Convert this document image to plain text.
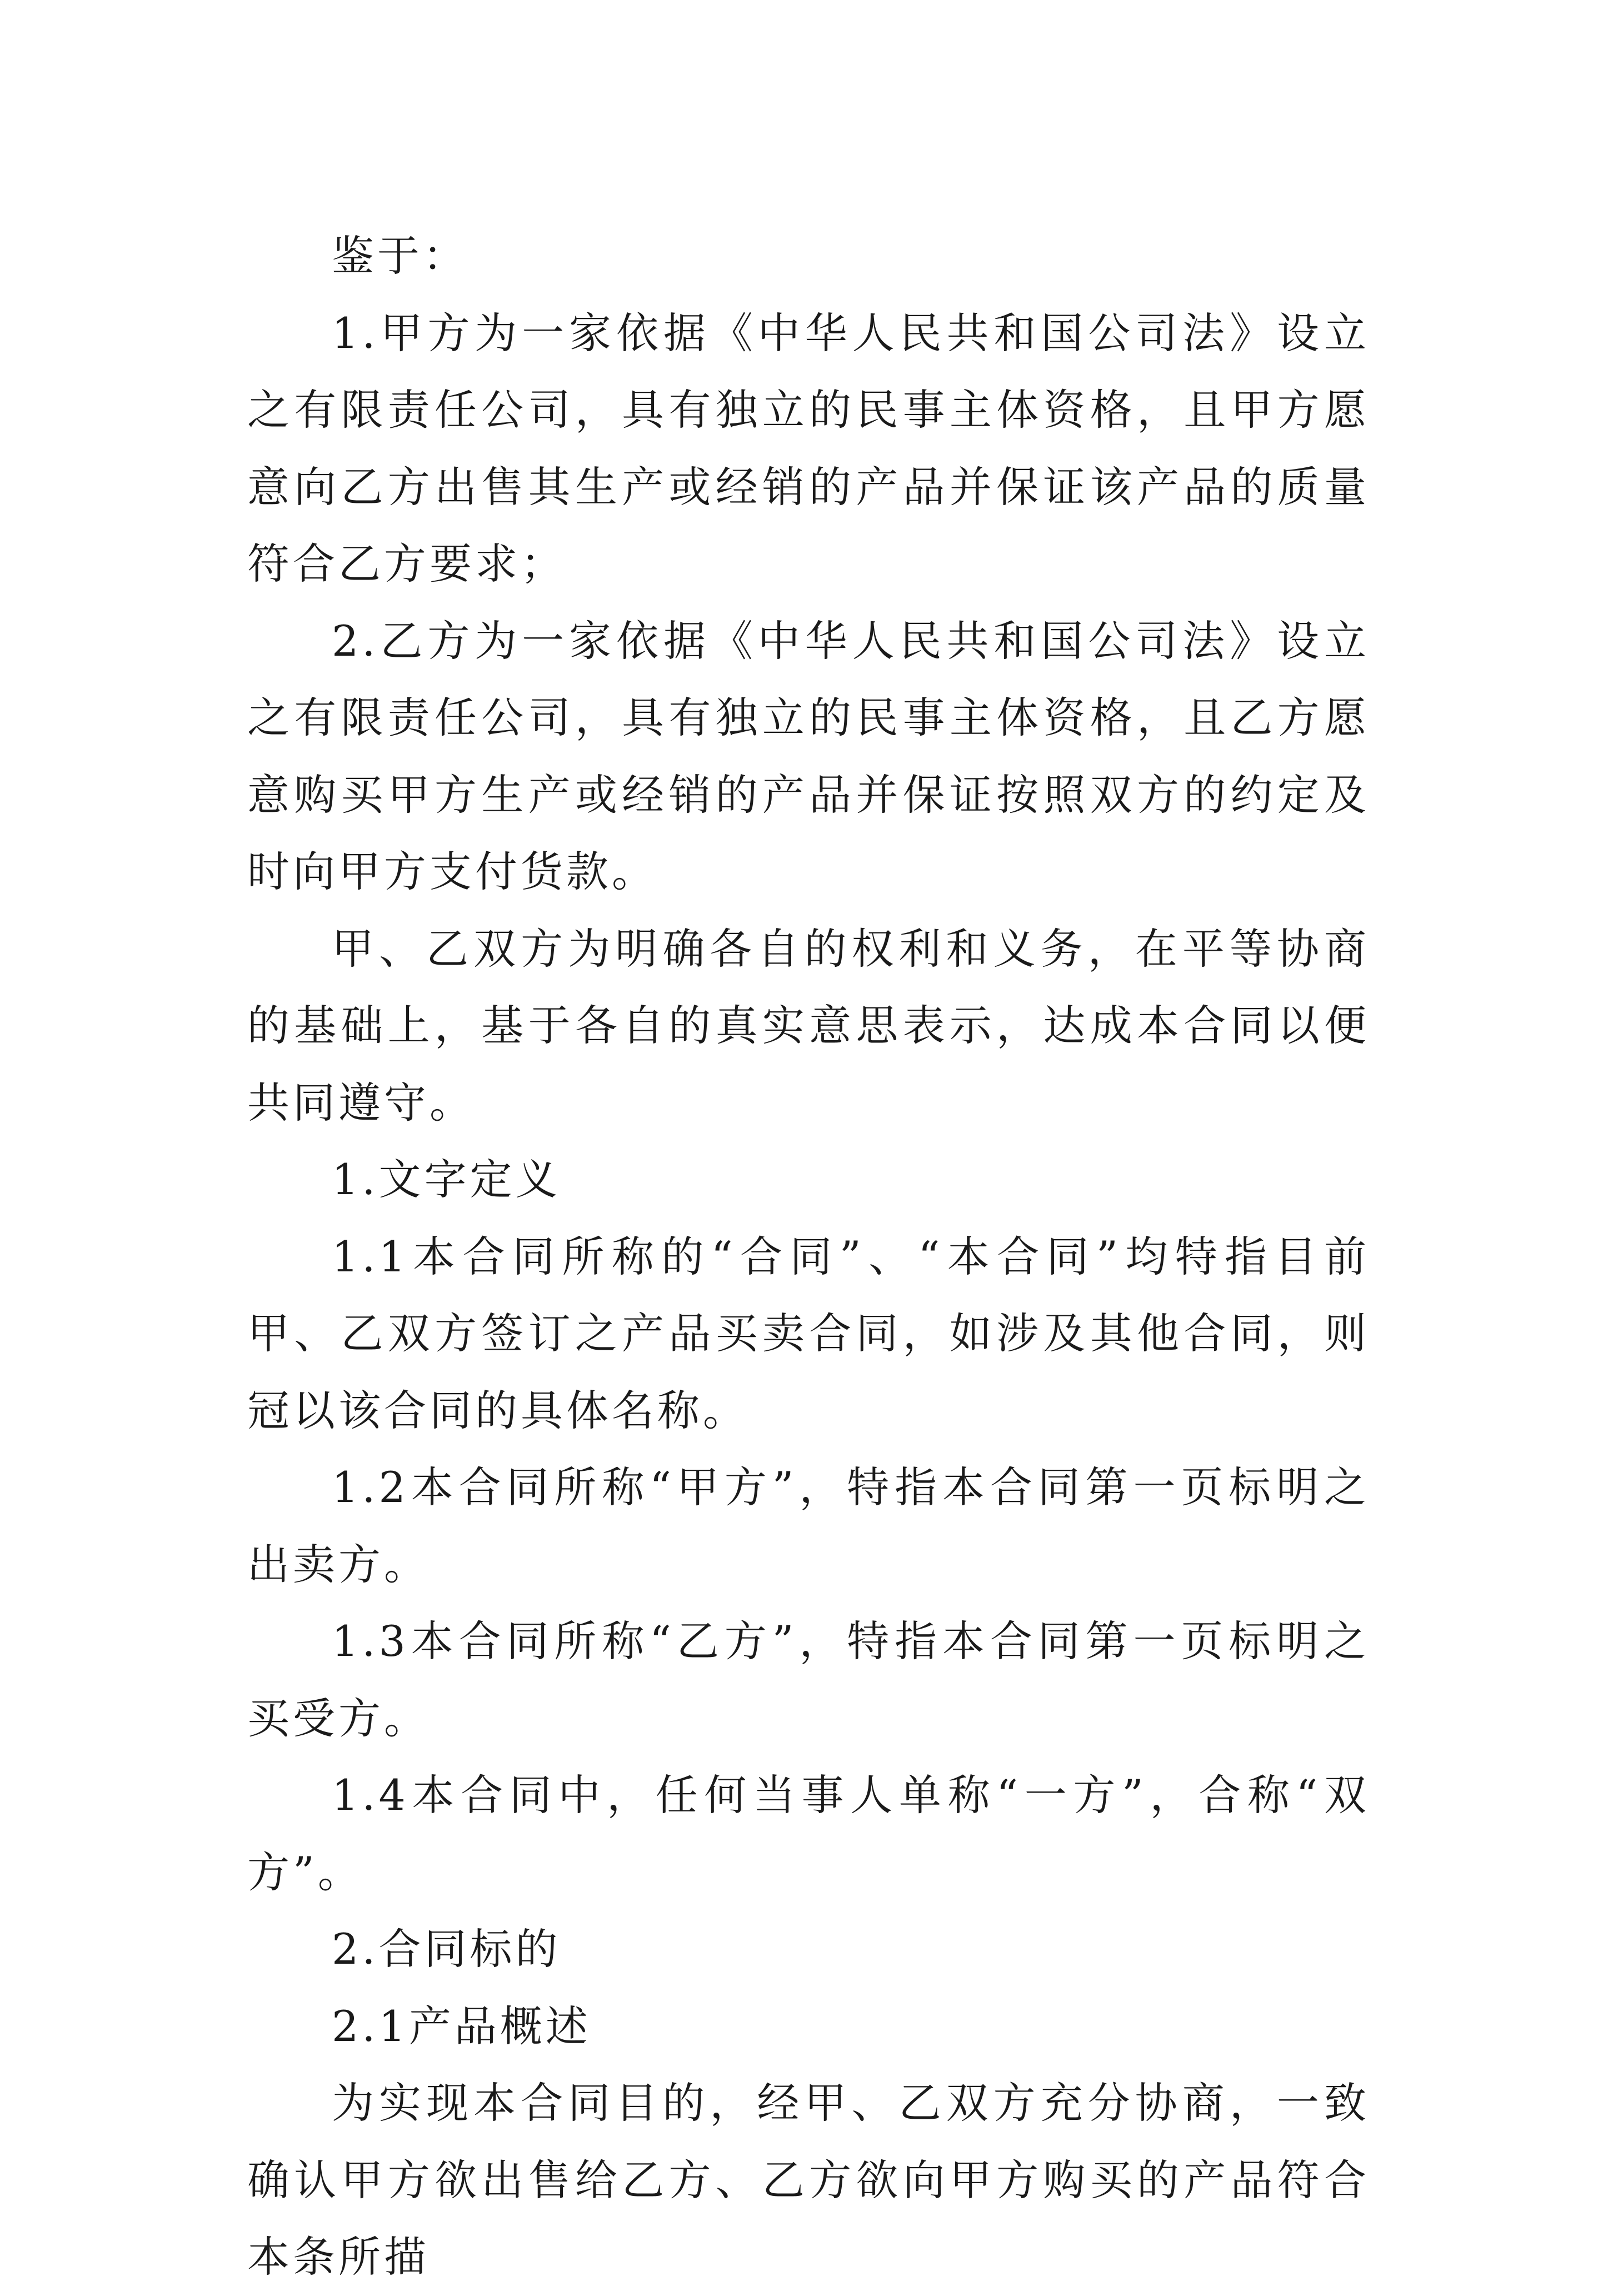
鉴于：

1.甲方为一家依据《中华人民共和国公司法》设立之有限责任公司，具有独立的民事主体资格，且甲方愿意向乙方出售其生产或经销的产品并保证该产品的质量符合乙方要求；

2.乙方为一家依据《中华人民共和国公司法》设立之有限责任公司，具有独立的民事主体资格，且乙方愿意购买甲方生产或经销的产品并保证按照双方的约定及时向甲方支付货款。

甲、乙双方为明确各自的权利和义务，在平等协商的基础上，基于各自的真实意思表示，达成本合同以便共同遵守。

1.文字定义

1.1本合同所称的“合同”、“本合同”均特指目前甲、乙双方签订之产品买卖合同，如涉及其他合同，则冠以该合同的具体名称。

1.2本合同所称“甲方”，特指本合同第一页标明之出卖方。

1.3本合同所称“乙方”，特指本合同第一页标明之买受方。

1.4本合同中，任何当事人单称“一方”，合称“双方”。

2.合同标的

2.1产品概述

为实现本合同目的，经甲、乙双方充分协商，一致确认甲方欲出售给乙方、乙方欲向甲方购买的产品符合本条所描
